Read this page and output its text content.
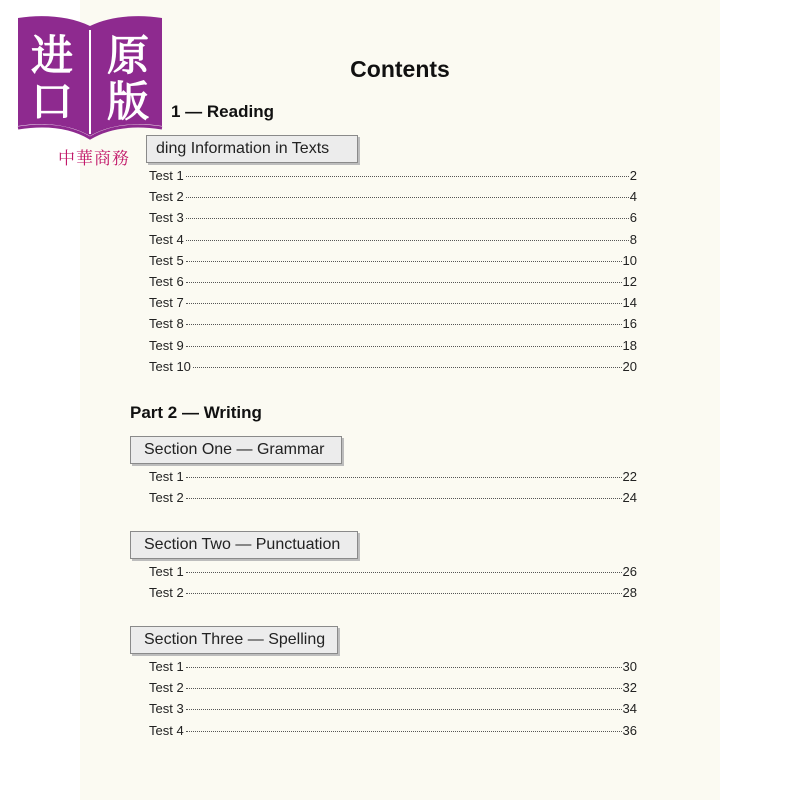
进 原
口 版
中華商務
Contents
1 — Reading
ding Information in Texts
Test 1	2
Test 2	4
Test 3	6
Test 4	8
Test 5	10
Test 6	12
Test 7	14
Test 8	16
Test 9	18
Test 10	20
Part 2 — Writing
Section One — Grammar
Test 1	22
Test 2	24
Section Two — Punctuation
Test 1	26
Test 2	28
Section Three — Spelling
Test 1	30
Test 2	32
Test 3	34
Test 4	36
